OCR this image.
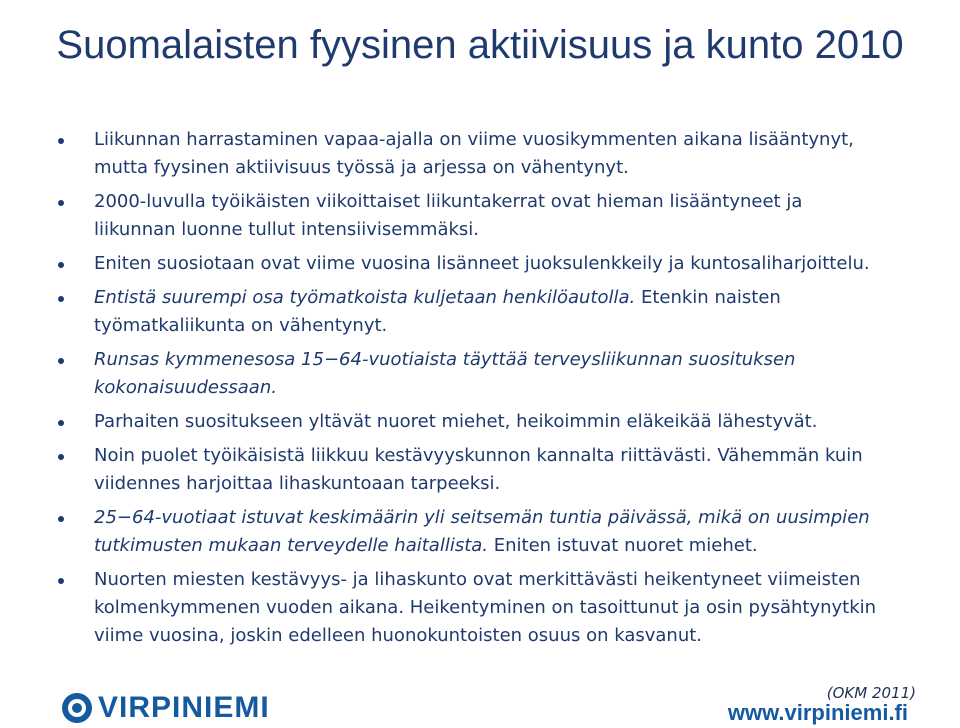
Suomalaisten fyysinen aktiivisuus ja kunto 2010
Liikunnan harrastaminen vapaa-ajalla on viime vuosikymmenten aikana lisääntynyt, mutta fyysinen aktiivisuus työssä ja arjessa on vähentynyt.
2000-luvulla työikäisten viikoittaiset liikuntakerrat ovat hieman lisääntyneet ja liikunnan luonne tullut intensiivisemmäksi.
Eniten suosiotaan ovat viime vuosina lisänneet juoksulenkkeily ja kuntosaliharjoittelu.
Entistä suurempi osa työmatkoista kuljetaan henkilöautolla. Etenkin naisten työmatkaliikunta on vähentynyt.
Runsas kymmenesosa 15−64-vuotiaista täyttää terveysliikunnan suosituksen kokonaisuudessaan.
Parhaiten suositukseen yltävät nuoret miehet, heikoimmin eläkeikää lähestyvät.
Noin puolet työikäisistä liikkuu kestävyyskunnon kannalta riittävästi. Vähemmän kuin viidennes harjoittaa lihaskuntoaan tarpeeksi.
25−64-vuotiaat istuvat keskimäärin yli seitsemän tuntia päivässä, mikä on uusimpien tutkimusten mukaan terveydelle haitallista. Eniten istuvat nuoret miehet.
Nuorten miesten kestävyys- ja lihaskunto ovat merkittävästi heikentyneet viimeisten kolmenkymmenen vuoden aikana. Heikentyminen on tasoittunut ja osin pysähtynytkin viime vuosina, joskin edelleen huonokuntoisten osuus on kasvanut.
(OKM 2011)
VIRPINIEMI	www.virpiniemi.fi
